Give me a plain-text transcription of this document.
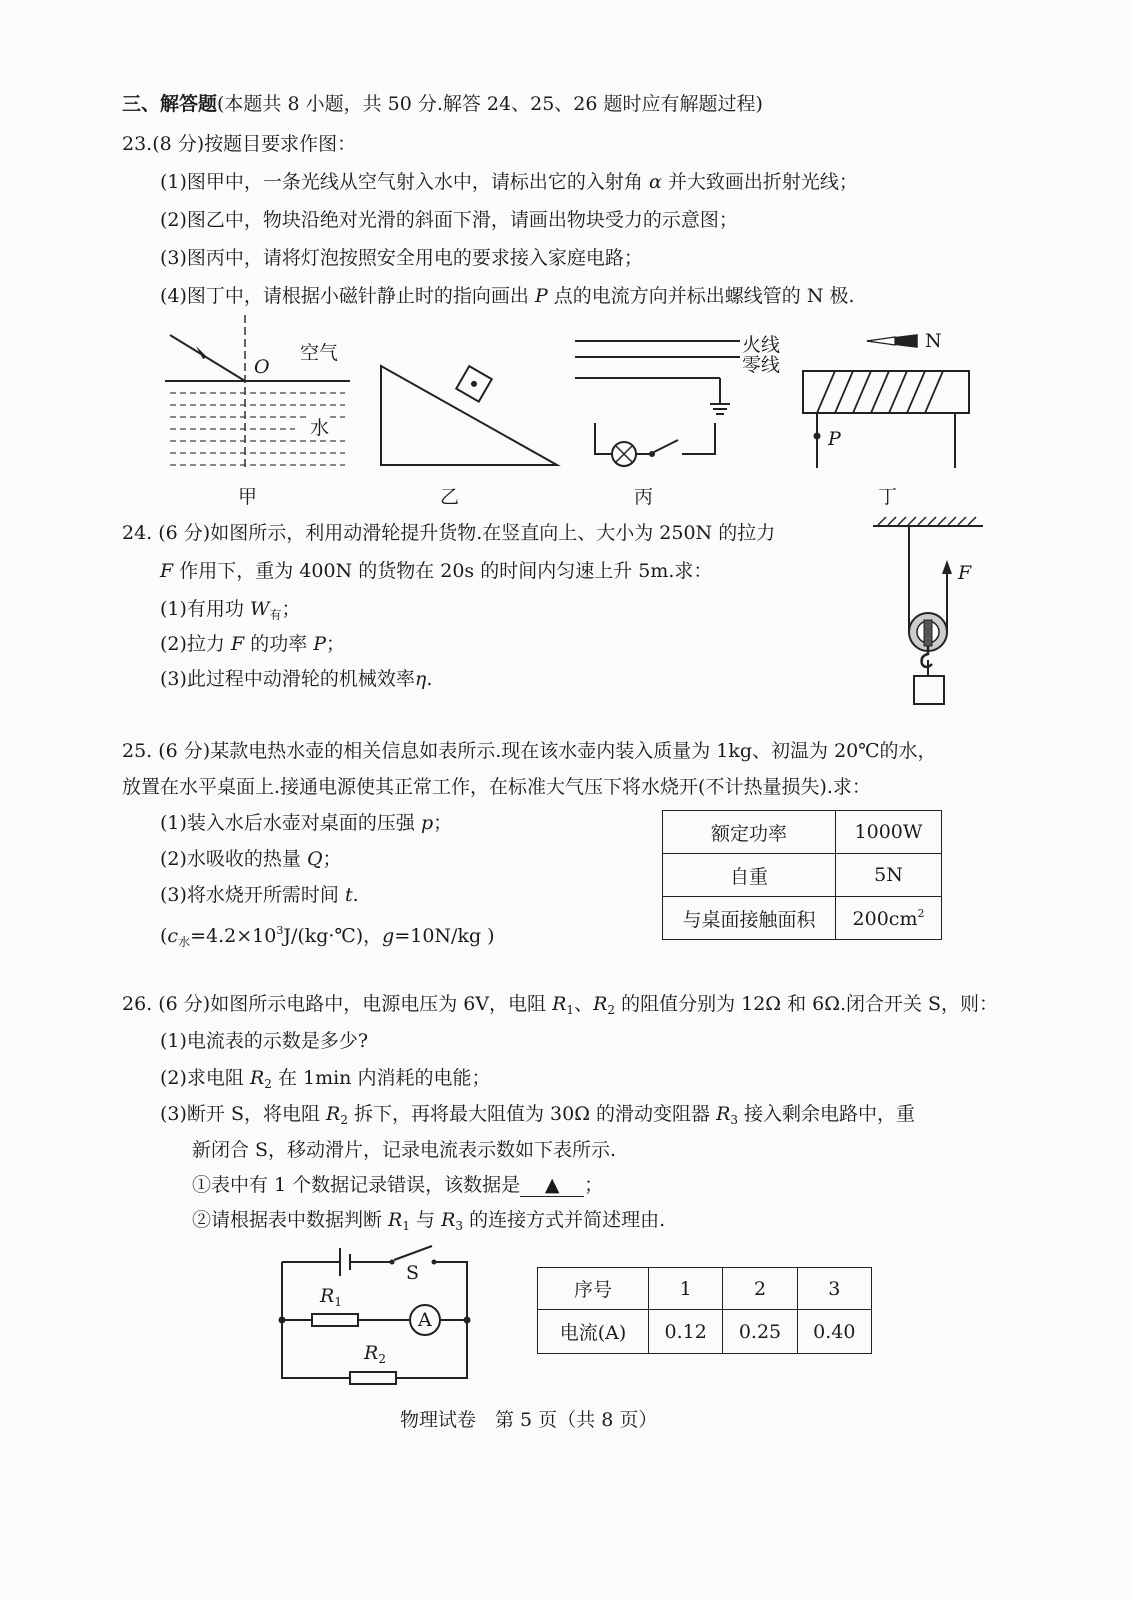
三、解答题(本题共 8 小题，共 50 分.解答 24、25、26 题时应有解题过程)
23.(8 分)按题目要求作图：
(1)图甲中，一条光线从空气射入水中，请标出它的入射角 α 并大致画出折射光线；
(2)图乙中，物块沿绝对光滑的斜面下滑，请画出物块受力的示意图；
(3)图丙中，请将灯泡按照安全用电的要求接入家庭电路；
(4)图丁中，请根据小磁针静止时的指向画出 P 点的电流方向并标出螺线管的 N 极.
O
空气
水
甲	乙
火线
零线
丙
N
P
丁
24. (6 分)如图所示，利用动滑轮提升货物.在竖直向上、大小为 250N 的拉力
F 作用下，重为 400N 的货物在 20s 的时间内匀速上升 5m.求：
(1)有用功 $W_有$；
(2)拉力 F 的功率 P；
(3)此过程中动滑轮的机械效率η.
F
25. (6 分)某款电热水壶的相关信息如表所示.现在该水壶内装入质量为 1kg、初温为 20℃的水，
放置在水平桌面上.接通电源使其正常工作，在标准大气压下将水烧开(不计热量损失).求：
(1)装入水后水壶对桌面的压强 p；
(2)水吸收的热量 Q；
(3)将水烧开所需时间 t.
($c_水=4.2\times 10^3J/(kg\cdot℃)$，g=10N/kg )
额定功率	1000W
自重	5N
与桌面接触面积	$200cm^2$
26. (6 分)如图所示电路中，电源电压为 6V，电阻 $R_1$、$R_2$ 的阻值分别为 12Ω 和 6Ω.闭合开关 S，则：
(1)电流表的示数是多少?
(2)求电阻 $R_2$ 在 1min 内消耗的电能；
(3)断开 S，将电阻 $R_2$ 拆下，再将最大阻值为 30Ω 的滑动变阻器 $R_3$ 接入剩余电路中，重
新闭合 S，移动滑片，记录电流表示数如下表所示.
①表中有 1 个数据记录错误，该数据是 ▲ ；
②请根据表中数据判断 $R_1$ 与 $R_3$ 的连接方式并简述理由.
S
A
$R_1$
$R_2$
序号	1	2	3
电流(A)	0.12	0.25	0.40
物理试卷　第 5 页（共 8 页）
